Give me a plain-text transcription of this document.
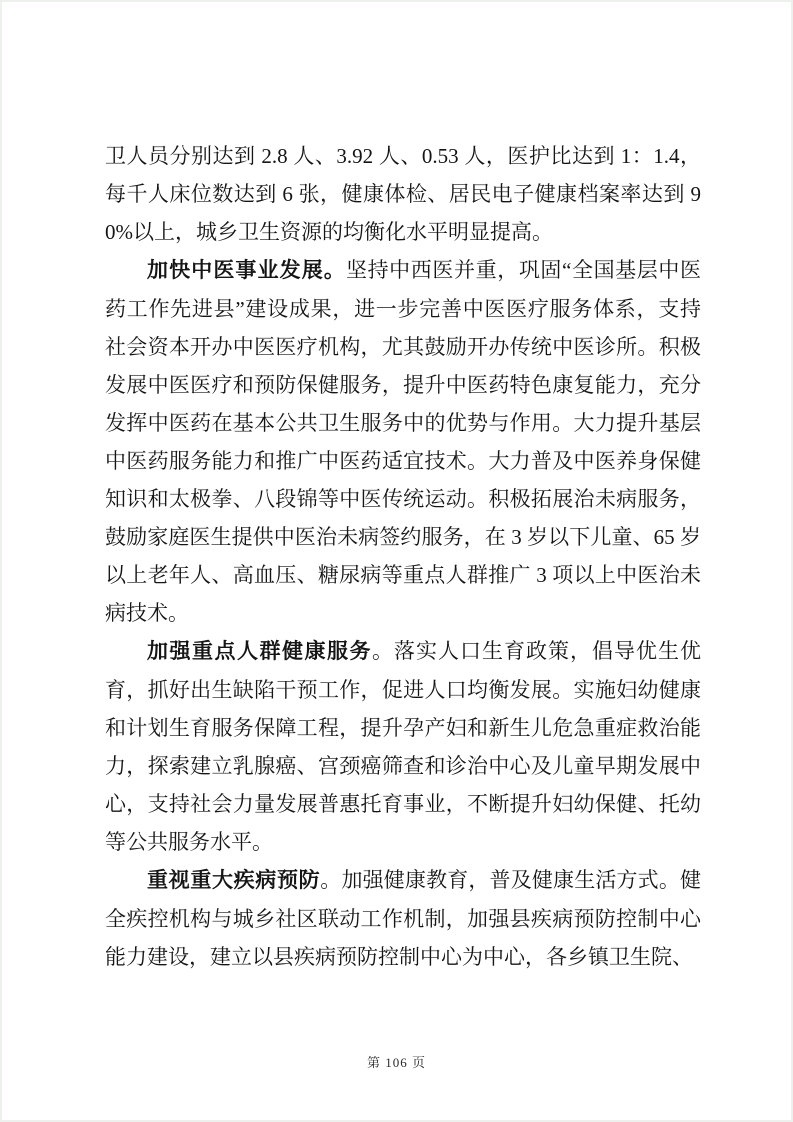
卫人员分别达到 2.8 人、3.92 人、0.53 人，医护比达到 1：1.4，每千人床位数达到 6 张，健康体检、居民电子健康档案率达到 90%以上，城乡卫生资源的均衡化水平明显提高。

加快中医事业发展。坚持中西医并重，巩固“全国基层中医药工作先进县”建设成果，进一步完善中医医疗服务体系，支持社会资本开办中医医疗机构，尤其鼓励开办传统中医诊所。积极发展中医医疗和预防保健服务，提升中医药特色康复能力，充分发挥中医药在基本公共卫生服务中的优势与作用。大力提升基层中医药服务能力和推广中医药适宜技术。大力普及中医养身保健知识和太极拳、八段锦等中医传统运动。积极拓展治未病服务，鼓励家庭医生提供中医治未病签约服务，在 3 岁以下儿童、65 岁以上老年人、高血压、糖尿病等重点人群推广 3 项以上中医治未病技术。

加强重点人群健康服务。落实人口生育政策，倡导优生优育，抓好出生缺陷干预工作，促进人口均衡发展。实施妇幼健康和计划生育服务保障工程，提升孕产妇和新生儿危急重症救治能力，探索建立乳腺癌、宫颈癌筛查和诊治中心及儿童早期发展中心，支持社会力量发展普惠托育事业，不断提升妇幼保健、托幼等公共服务水平。

重视重大疾病预防。加强健康教育，普及健康生活方式。健全疾控机构与城乡社区联动工作机制，加强县疾病预防控制中心能力建设，建立以县疾病预防控制中心为中心，各乡镇卫生院、

第 106 页
